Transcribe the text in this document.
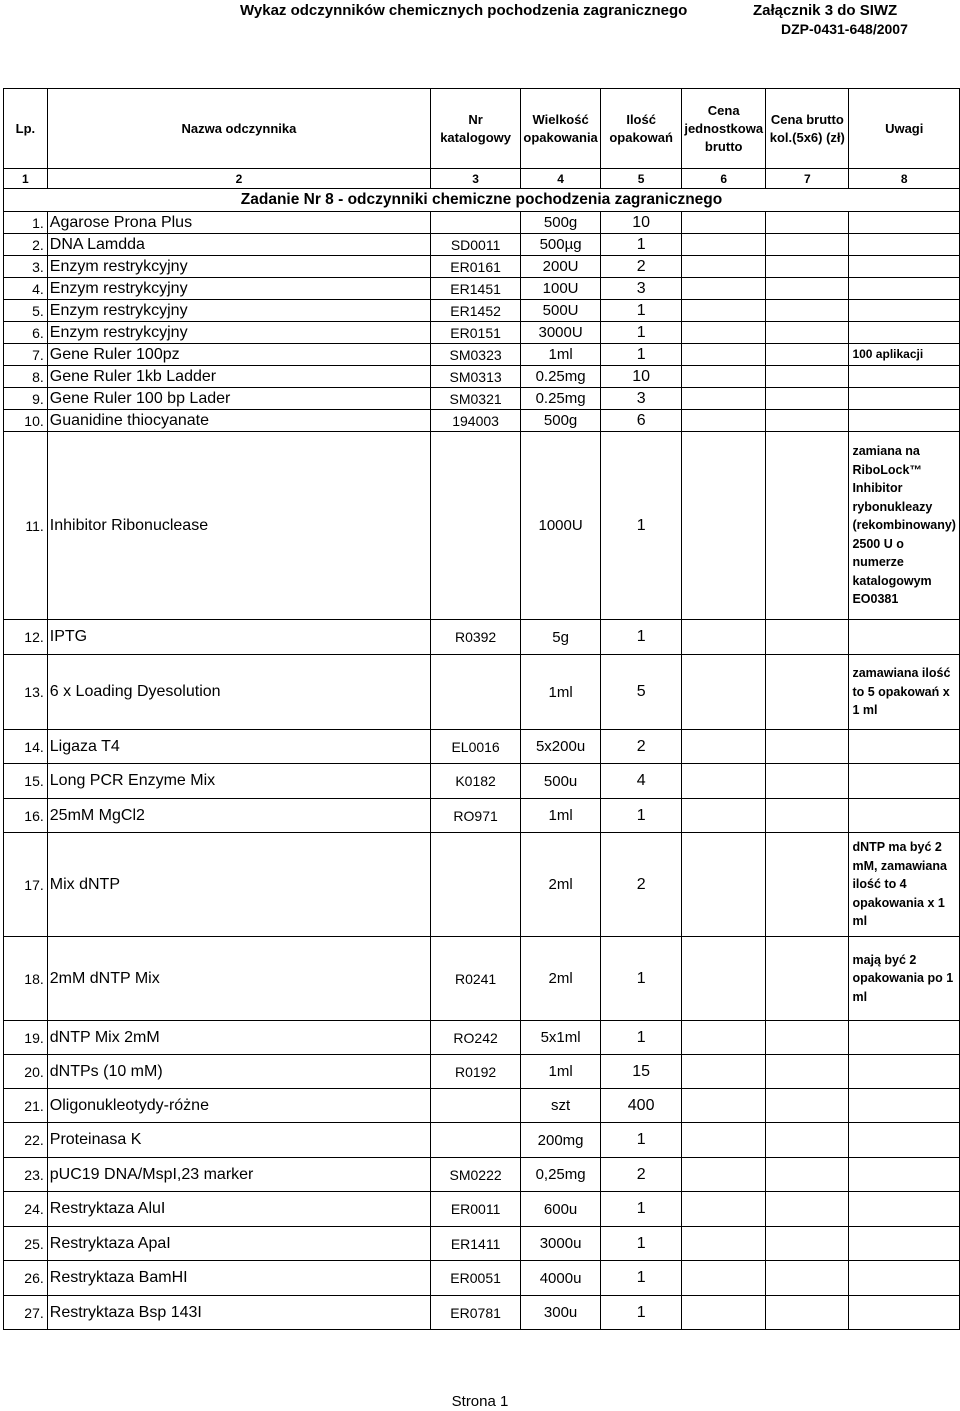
Wykaz odczynników chemicznych pochodzenia zagranicznego	Załącznik 3 do SIWZ
DZP-0431-648/2007
Lp.	Nazwa odczynnika	Nr katalogowy	Wielkość opakowania	Ilość opakowań	Cena jednostkowa brutto	Cena brutto kol.(5x6) (zł)	Uwagi
1	2	3	4	5	6	7	8
Zadanie Nr 8 - odczynniki chemiczne pochodzenia zagranicznego							
1.	Agarose Prona Plus		500g	10			
2.	DNA Lamdda	SD0011	500µg	1			
3.	Enzym restrykcyjny	ER0161	200U	2			
4.	Enzym restrykcyjny	ER1451	100U	3			
5.	Enzym restrykcyjny	ER1452	500U	1			
6.	Enzym restrykcyjny	ER0151	3000U	1			
7.	Gene Ruler 100pz	SM0323	1ml	1			100 aplikacji
8.	Gene Ruler 1kb Ladder	SM0313	0.25mg	10			
9.	Gene Ruler 100 bp Lader	SM0321	0.25mg	3			
10.	Guanidine thiocyanate	194003	500g	6			
11.	Inhibitor Ribonuclease		1000U	1			zamiana na RiboLock™ Inhibitor rybonukleazy (rekombinowany) 2500 U o numerze katalogowym EO0381
12.	IPTG	R0392	5g	1			
13.	6 x Loading Dyesolution		1ml	5			zamawiana ilość to 5 opakowań x 1 ml
14.	Ligaza T4	EL0016	5x200u	2			
15.	Long PCR Enzyme Mix	K0182	500u	4			
16.	25mM MgCl2	RO971	1ml	1			
17.	Mix dNTP		2ml	2			dNTP ma być 2 mM, zamawiana ilość to 4 opakowania x 1 ml
18.	2mM dNTP Mix	R0241	2ml	1			mają być 2 opakowania po 1 ml
19.	dNTP Mix 2mM	RO242	5x1ml	1			
20.	dNTPs (10 mM)	R0192	1ml	15			
21.	Oligonukleotydy-różne		szt	400			
22.	Proteinasa K		200mg	1			
23.	pUC19 DNA/MspI,23 marker	SM0222	0,25mg	2			
24.	Restryktaza AluI	ER0011	600u	1			
25.	Restryktaza ApaI	ER1411	3000u	1			
26.	Restryktaza BamHI	ER0051	4000u	1			
27.	Restryktaza Bsp 143I	ER0781	300u	1			
Strona 1
